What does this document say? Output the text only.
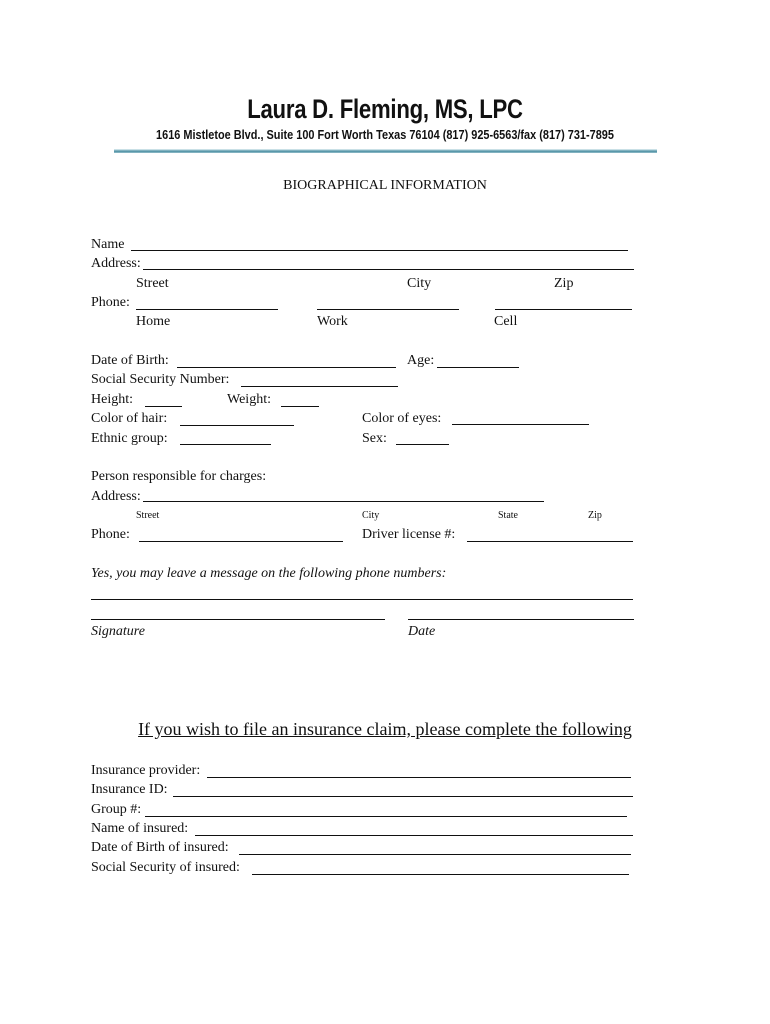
Laura D. Fleming, MS, LPC
1616 Mistletoe Blvd., Suite 100 Fort Worth Texas 76104 (817) 925-6563/fax (817) 731-7895
BIOGRAPHICAL INFORMATION
Name
Address:
Street	City	Zip
Phone:
Home	Work	Cell
Date of Birth:	Age:
Social Security Number:
Height:	Weight:
Color of hair:	Color of eyes:
Ethnic group:	Sex:
Person responsible for charges:
Address:
Street	City	State	Zip
Phone:	Driver license #:
Yes, you may leave a message on the following phone numbers:
Signature	Date
If you wish to file an insurance claim, please complete the following
Insurance provider:
Insurance ID:
Group #:
Name of insured:
Date of Birth of insured:
Social Security of insured:
